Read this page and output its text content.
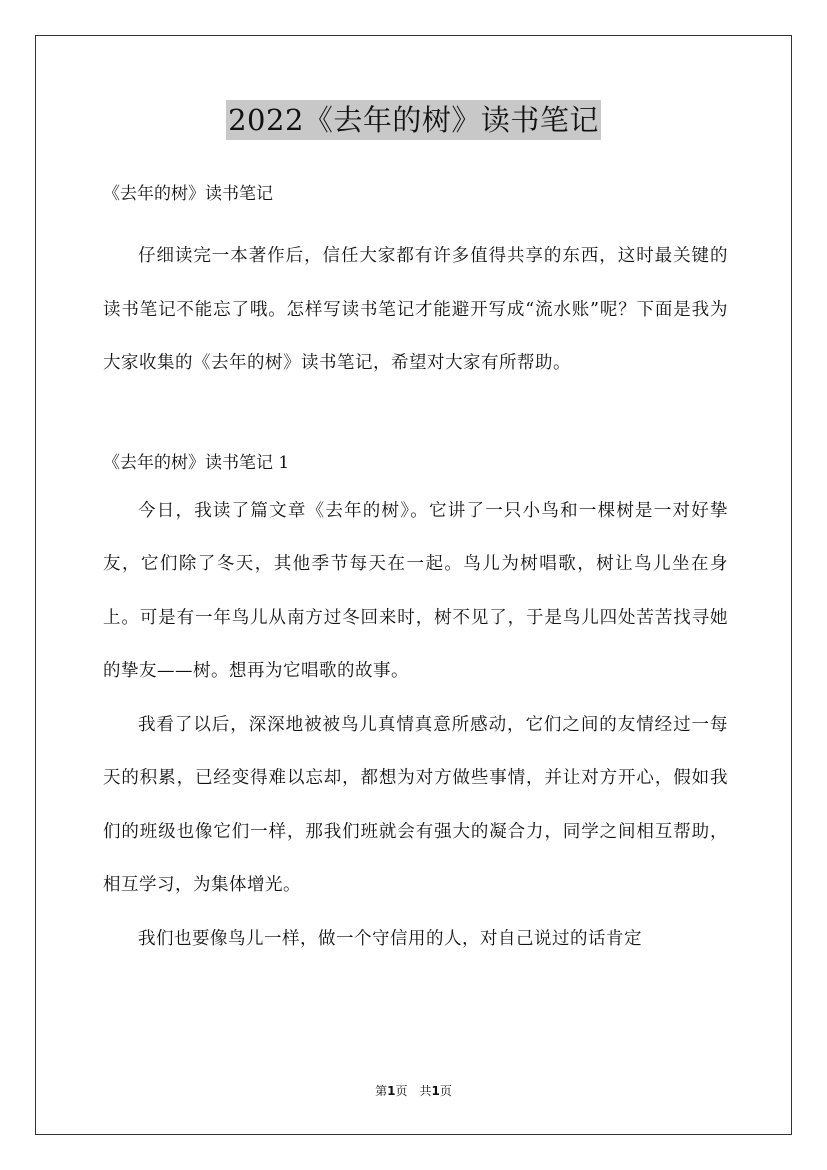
2022《去年的树》读书笔记

《去年的树》读书笔记

仔细读完一本著作后，信任大家都有许多值得共享的东西，这时最关键的读书笔记不能忘了哦。怎样写读书笔记才能避开写成“流水账”呢？下面是我为大家收集的《去年的树》读书笔记，希望对大家有所帮助。

《去年的树》读书笔记 1

今日，我读了篇文章《去年的树》。它讲了一只小鸟和一棵树是一对好挚友，它们除了冬天，其他季节每天在一起。鸟儿为树唱歌，树让鸟儿坐在身上。可是有一年鸟儿从南方过冬回来时，树不见了，于是鸟儿四处苦苦找寻她的挚友——树。想再为它唱歌的故事。

我看了以后，深深地被被鸟儿真情真意所感动，它们之间的友情经过一每天的积累，已经变得难以忘却，都想为对方做些事情，并让对方开心，假如我们的班级也像它们一样，那我们班就会有强大的凝合力，同学之间相互帮助，相互学习，为集体增光。

我们也要像鸟儿一样，做一个守信用的人，对自己说过的话肯定

第1页　共1页
